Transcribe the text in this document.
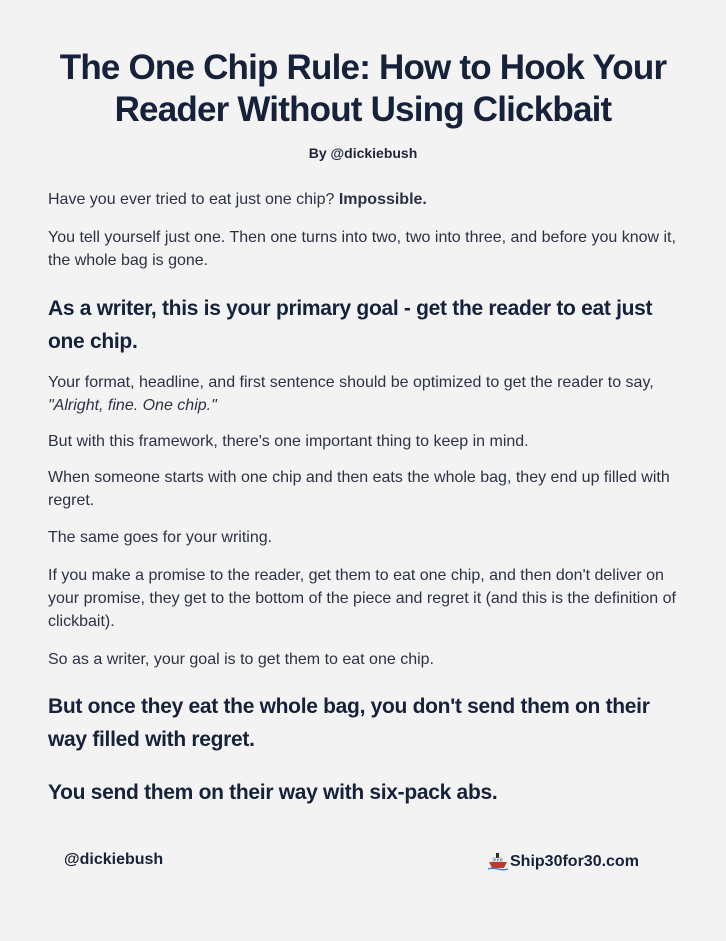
The One Chip Rule: How to Hook Your Reader Without Using Clickbait
By @dickiebush

Have you ever tried to eat just one chip? Impossible.

You tell yourself just one. Then one turns into two, two into three, and before you know it, the whole bag is gone.

As a writer, this is your primary goal - get the reader to eat just one chip.

Your format, headline, and first sentence should be optimized to get the reader to say, "Alright, fine. One chip."

But with this framework, there's one important thing to keep in mind.

When someone starts with one chip and then eats the whole bag, they end up filled with regret.

The same goes for your writing.

If you make a promise to the reader, get them to eat one chip, and then don't deliver on your promise, they get to the bottom of the piece and regret it (and this is the definition of clickbait).

So as a writer, your goal is to get them to eat one chip.

But once they eat the whole bag, you don't send them on their way filled with regret.
You send them on their way with six-pack abs.
@dickiebush	Ship30for30.com
